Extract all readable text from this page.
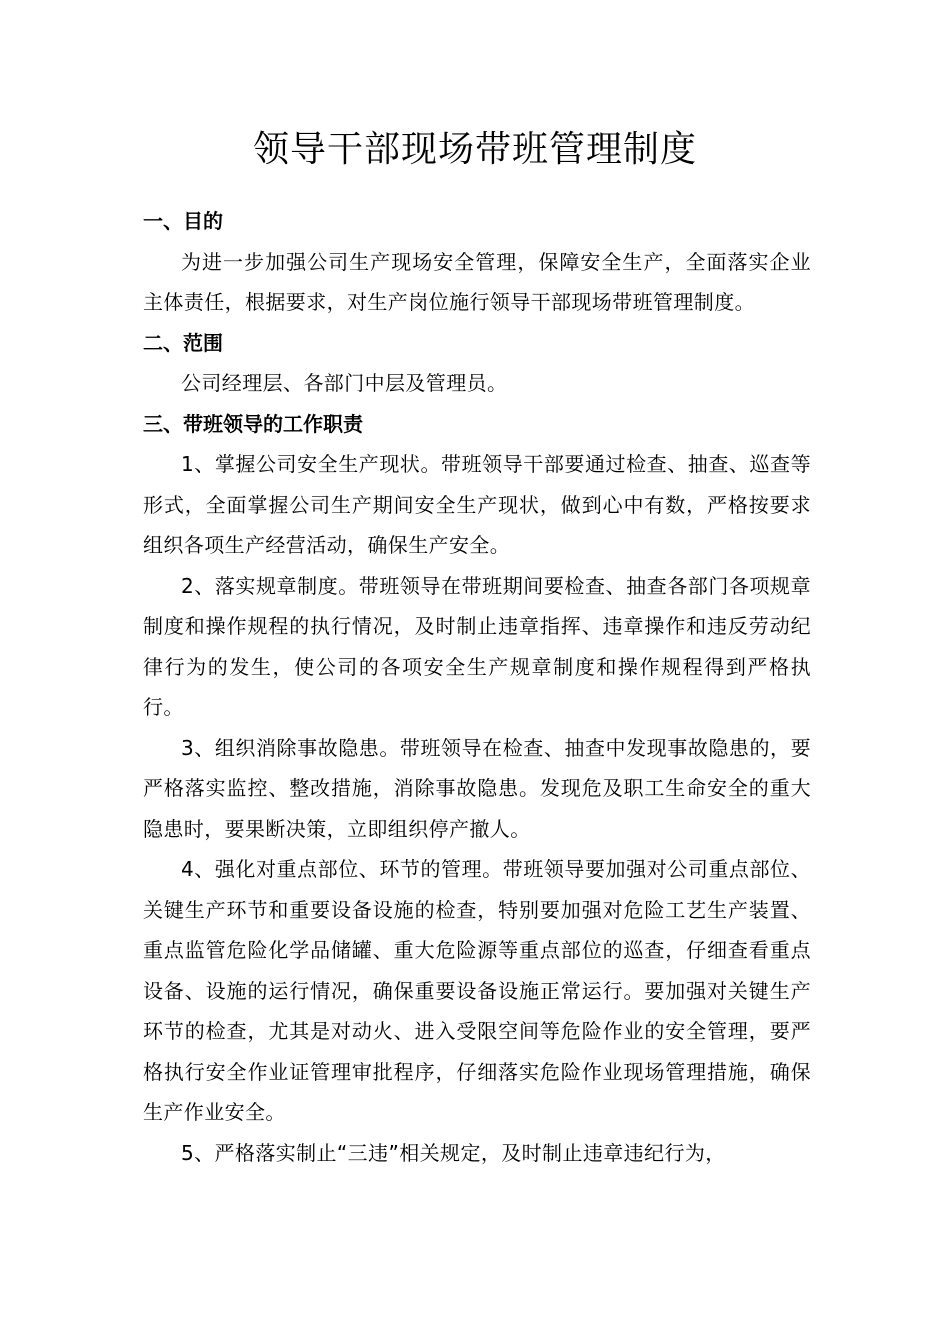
领导干部现场带班管理制度
一、目的

为进一步加强公司生产现场安全管理，保障安全生产，全面落实企业主体责任，根据要求，对生产岗位施行领导干部现场带班管理制度。

二、范围

公司经理层、各部门中层及管理员。

三、带班领导的工作职责

1、掌握公司安全生产现状。带班领导干部要通过检查、抽查、巡查等形式，全面掌握公司生产期间安全生产现状，做到心中有数，严格按要求组织各项生产经营活动，确保生产安全。

2、落实规章制度。带班领导在带班期间要检查、抽查各部门各项规章制度和操作规程的执行情况，及时制止违章指挥、违章操作和违反劳动纪律行为的发生，使公司的各项安全生产规章制度和操作规程得到严格执行。

3、组织消除事故隐患。带班领导在检查、抽查中发现事故隐患的，要严格落实监控、整改措施，消除事故隐患。发现危及职工生命安全的重大隐患时，要果断决策，立即组织停产撤人。

4、强化对重点部位、环节的管理。带班领导要加强对公司重点部位、关键生产环节和重要设备设施的检查，特别要加强对危险工艺生产装置、重点监管危险化学品储罐、重大危险源等重点部位的巡查，仔细查看重点设备、设施的运行情况，确保重要设备设施正常运行。要加强对关键生产环节的检查，尤其是对动火、进入受限空间等危险作业的安全管理，要严格执行安全作业证管理审批程序，仔细落实危险作业现场管理措施，确保生产作业安全。

5、严格落实制止“三违”相关规定，及时制止违章违纪行为，
